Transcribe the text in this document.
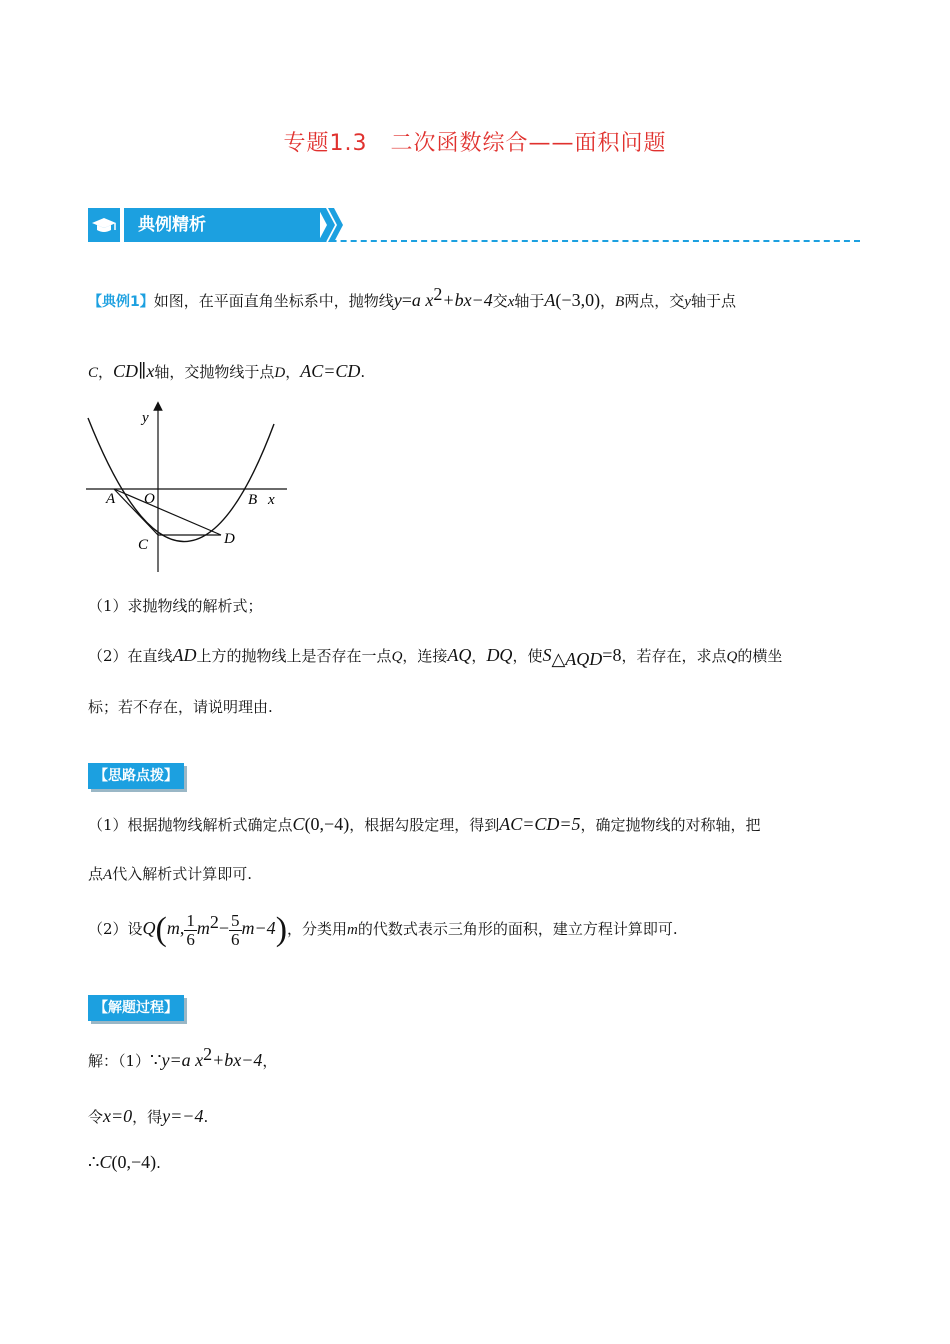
专题1.3　二次函数综合——面积问题
典例精析
【典例1】如图，在平面直角坐标系中，抛物线y=a $x^2+bx-4$交x轴于A(−3,0)，B两点，交y轴于点
C，CD∥x轴，交抛物线于点D，AC=CD.
y
x
A O	B
C	D
（1）求抛物线的解析式；
（2）在直线AD上方的抛物线上是否存在一点Q，连接AQ，DQ，使$S_{\triangle AQD}=8$，若存在，求点Q的横坐
标；若不存在，请说明理由.
【思路点拨】
（1）根据抛物线解析式确定点C(0,−4)，根据勾股定理，得到AC=CD=5，确定抛物线的对称轴，把
点A代入解析式计算即可.
（2）设Q(m, $\frac{1}{6} m^2- \frac{5}{6} m-4$)，分类用m的代数式表示三角形的面积，建立方程计算即可.
【解题过程】
解：（1）∵y=a $x^2+bx-4$，
令x=0，得y=−4.
∴C(0,−4).
